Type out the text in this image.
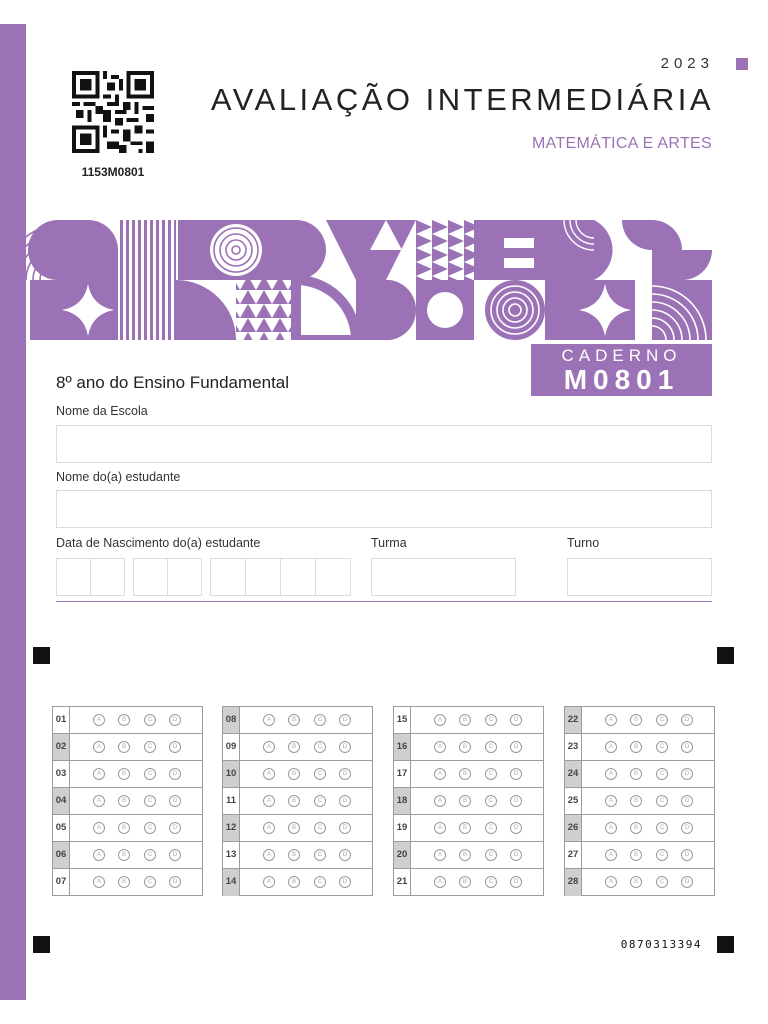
1153M0801
2023
AVALIAÇÃO INTERMEDIÁRIA
MATEMÁTICA E ARTES
CADERNO
M0801
8º ano do Ensino Fundamental
Nome da Escola
Nome do(a) estudante
Data de Nascimento do(a) estudante	Turma	Turno
01	A	B	C	D
02	A	B	C	D
03	A	B	C	D
04	A	B	C	D
05	A	B	C	D
06	A	B	C	D
07	A	B	C	D
08	A	B	C	D
09	A	B	C	D
10	A	B	C	D
11	A	B	C	D
12	A	B	C	D
13	A	B	C	D
14	A	B	C	D
15	A	B	C	D
16	A	B	C	D
17	A	B	C	D
18	A	B	C	D
19	A	B	C	D
20	A	B	C	D
21	A	B	C	D
22	A	B	C	D
23	A	B	C	D
24	A	B	C	D
25	A	B	C	D
26	A	B	C	D
27	A	B	C	D
28	A	B	C	D
0870313394
